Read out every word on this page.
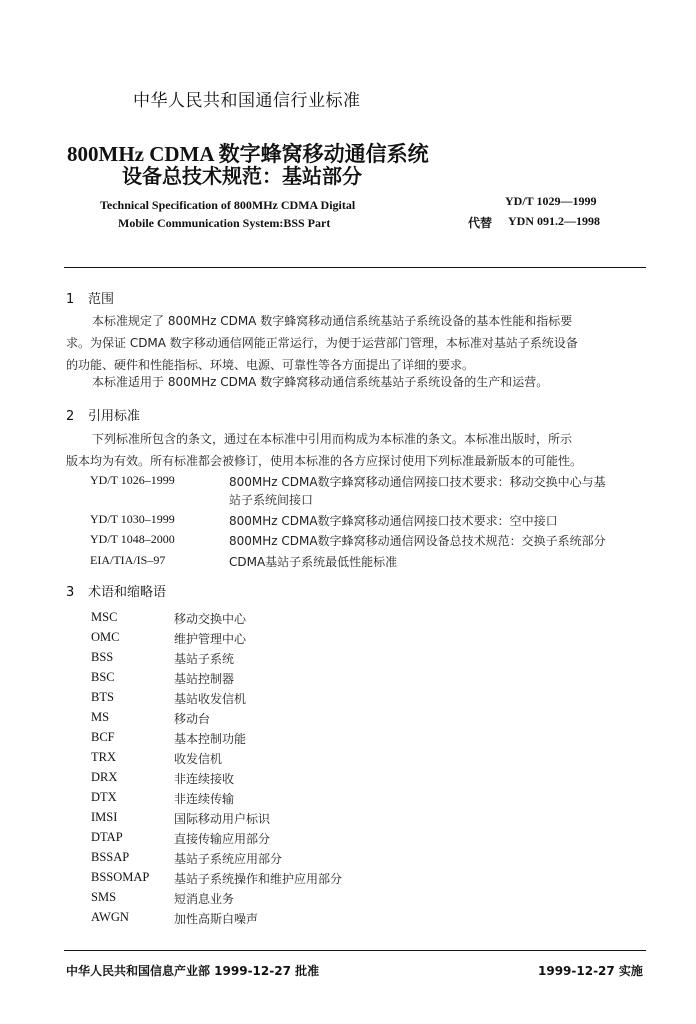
中华人民共和国通信行业标准
800MHz CDMA 数字蜂窝移动通信系统
设备总技术规范：基站部分
Technical Specification of 800MHz CDMA Digital
Mobile Communication System:BSS Part
YD/T 1029—1999
代替 YDN 091.2—1998
1 范围
本标准规定了 800MHz CDMA 数字蜂窝移动通信系统基站子系统设备的基本性能和指标要
求。为保证 CDMA 数字移动通信网能正常运行，为便于运营部门管理，本标准对基站子系统设备
的功能、硬件和性能指标、环境、电源、可靠性等各方面提出了详细的要求。
本标准适用于 800MHz CDMA 数字蜂窝移动通信系统基站子系统设备的生产和运营。
2 引用标准
下列标准所包含的条文，通过在本标准中引用而构成为本标准的条文。本标准出版时，所示
版本均为有效。所有标准都会被修订，使用本标准的各方应探讨使用下列标准最新版本的可能性。
YD/T 1026–1999	800MHz CDMA数字蜂窝移动通信网接口技术要求：移动交换中心与基
站子系统间接口
YD/T 1030–1999	800MHz CDMA数字蜂窝移动通信网接口技术要求：空中接口
YD/T 1048–2000	800MHz CDMA数字蜂窝移动通信网设备总技术规范：交换子系统部分
EIA/TIA/IS–97	CDMA基站子系统最低性能标准
3 术语和缩略语
MSC	移动交换中心
OMC	维护管理中心
BSS	基站子系统
BSC	基站控制器
BTS	基站收发信机
MS	移动台
BCF	基本控制功能
TRX	收发信机
DRX	非连续接收
DTX	非连续传输
IMSI	国际移动用户标识
DTAP	直接传输应用部分
BSSAP	基站子系统应用部分
BSSOMAP 基站子系统操作和维护应用部分
SMS	短消息业务
AWGN	加性高斯白噪声
中华人民共和国信息产业部 1999-12-27 批准	1999-12-27 实施
